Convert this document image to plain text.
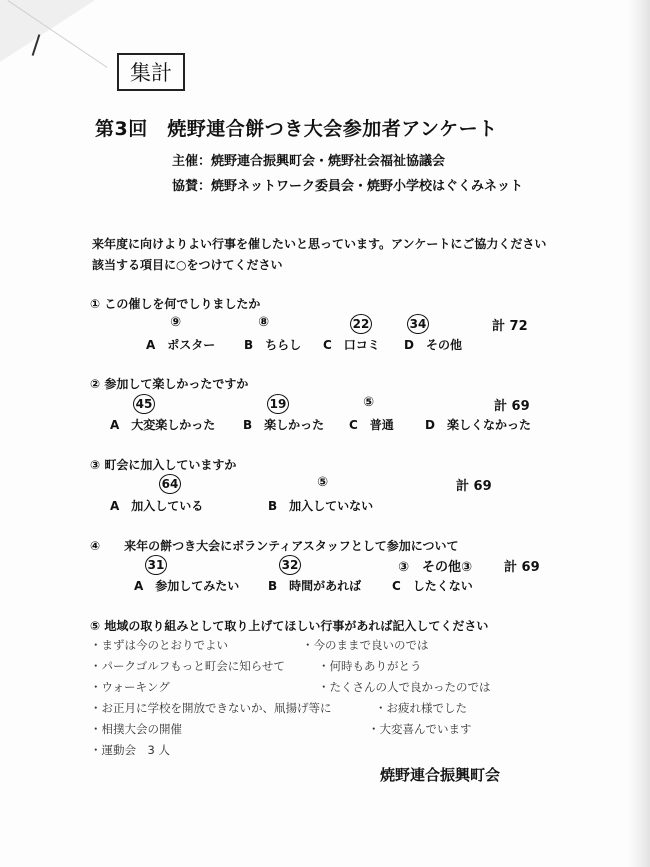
集計
第3回　焼野連合餅つき大会参加者アンケート
主催：焼野連合振興町会・焼野社会福祉協議会
協賛：焼野ネットワーク委員会・焼野小学校はぐくみネット
来年度に向けよりよい行事を催したいと思っています。アンケートにご協力ください
該当する項目に○をつけてください
① この催しを何でしりましたか
⑨	⑧	22	34	計 72
A　ポスター B　ちらし C　口コミ D　その他
② 参加して楽しかったですか
45	19	⑤	計 69
A　大変楽しかった B　楽しかった C　普通	D　楽しくなかった
③ 町会に加入していますか
64	⑤	計 69
A　加入している	B　加入していない
④　　来年の餅つき大会にボランティアスタッフとして参加について
31	32	③　その他③ 計 69
A　参加してみたい B　時間があれば	C　したくない
⑤ 地域の取り組みとして取り上げてほしい行事があれば記入してください
・まずは今のとおりでよい
・パークゴルフもっと町会に知らせて
・ウォーキング
・お正月に学校を開放できないか、凧揚げ等に
・相撲大会の開催
・運動会　3 人
・今のままで良いのでは
・何時もありがとう
・たくさんの人で良かったのでは
・お疲れ様でした
・大変喜んでいます
焼野連合振興町会
